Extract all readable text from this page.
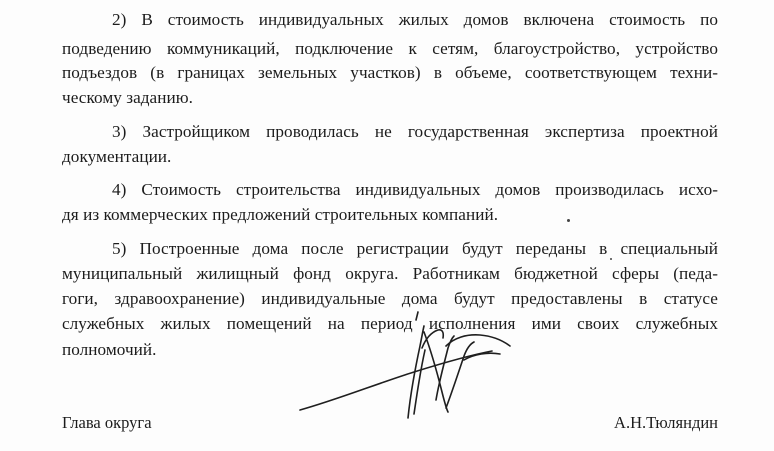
2) В стоимость индивидуальных жилых домов включена стоимость по
подведению коммуникаций, подключение к сетям, благоустройство, устройство
подъездов (в границах земельных участков) в объеме, соответствующем техни-
ческому заданию.
3) Застройщиком проводилась не государственная экспертиза проектной
документации.
4) Стоимость строительства индивидуальных домов производилась исхо-
дя из коммерческих предложений строительных компаний.
5) Построенные дома после регистрации будут переданы в специальный
муниципальный жилищный фонд округа. Работникам бюджетной сферы (педа-
гоги, здравоохранение) индивидуальные дома будут предоставлены в статусе
служебных жилых помещений на период исполнения ими своих служебных
полномочий.
Глава округа	А.Н.Тюляндин
